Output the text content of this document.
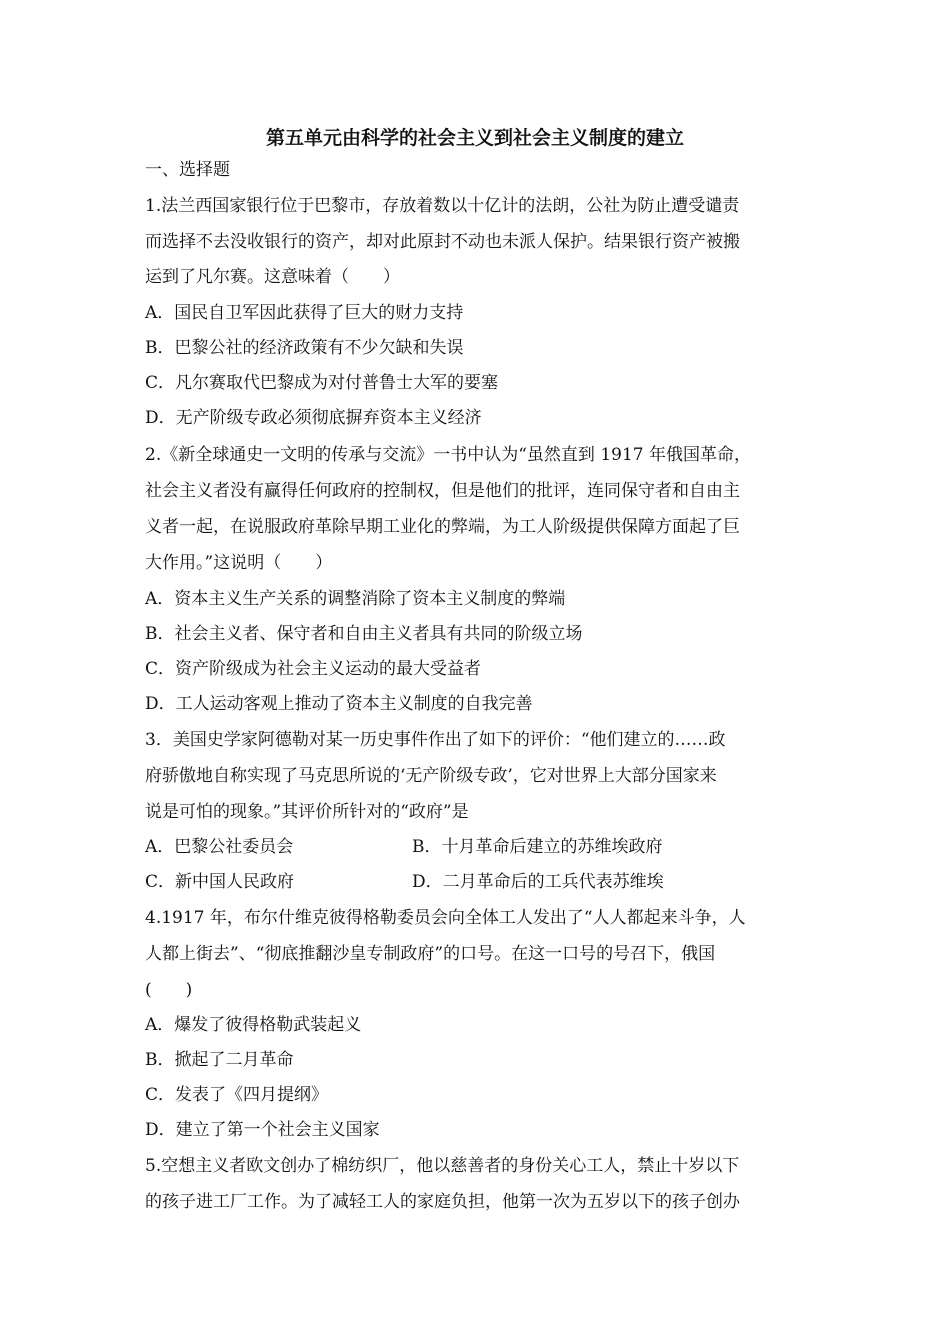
第五单元由科学的社会主义到社会主义制度的建立
一、选择题
1.法兰西国家银行位于巴黎市，存放着数以十亿计的法朗，公社为防止遭受谴责
而选择不去没收银行的资产，却对此原封不动也未派人保护。结果银行资产被搬
运到了凡尔赛。这意味着（　　）
A．国民自卫军因此获得了巨大的财力支持
B．巴黎公社的经济政策有不少欠缺和失误
C．凡尔赛取代巴黎成为对付普鲁士大军的要塞
D．无产阶级专政必须彻底摒弃资本主义经济
2.《新全球通史一文明的传承与交流》一书中认为“虽然直到 1917 年俄国革命，
社会主义者没有赢得任何政府的控制权，但是他们的批评，连同保守者和自由主
义者一起，在说服政府革除早期工业化的弊端，为工人阶级提供保障方面起了巨
大作用。”这说明（　　）
A．资本主义生产关系的调整消除了资本主义制度的弊端
B．社会主义者、保守者和自由主义者具有共同的阶级立场
C．资产阶级成为社会主义运动的最大受益者
D．工人运动客观上推动了资本主义制度的自我完善
3．美国史学家阿德勒对某一历史事件作出了如下的评价：“他们建立的……政
府骄傲地自称实现了马克思所说的‘无产阶级专政’，它对世界上大部分国家来
说是可怕的现象。”其评价所针对的“政府”是
A．巴黎公社委员会	B．十月革命后建立的苏维埃政府
C．新中国人民政府	D．二月革命后的工兵代表苏维埃
4.1917 年，布尔什维克彼得格勒委员会向全体工人发出了“人人都起来斗争，人
人都上街去”、“彻底推翻沙皇专制政府”的口号。在这一口号的号召下，俄国
(　　)
A．爆发了彼得格勒武装起义
B．掀起了二月革命
C．发表了《四月提纲》
D．建立了第一个社会主义国家
5.空想主义者欧文创办了棉纺织厂，他以慈善者的身份关心工人，禁止十岁以下
的孩子进工厂工作。为了减轻工人的家庭负担，他第一次为五岁以下的孩子创办
